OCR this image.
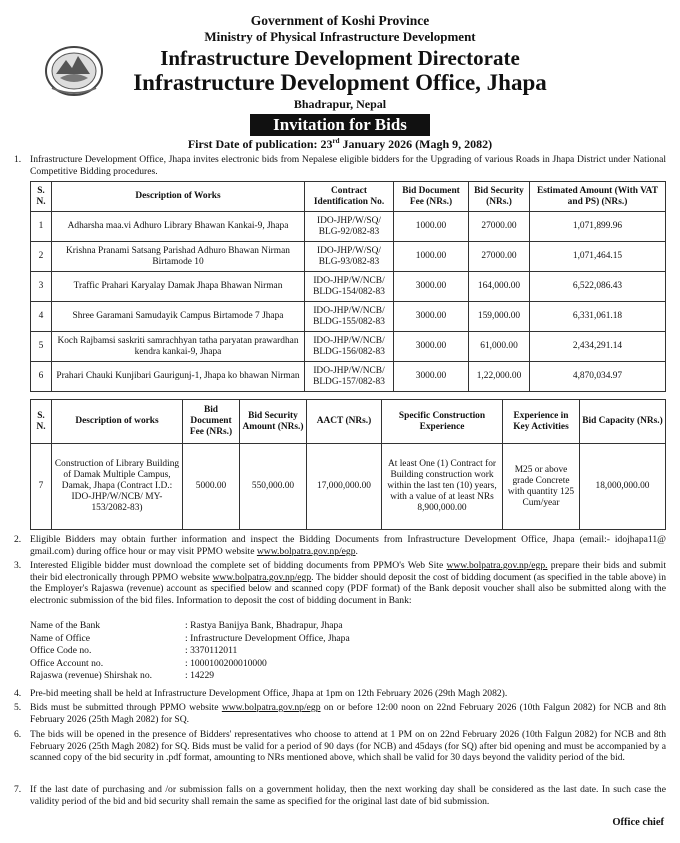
Government of Koshi Province
Ministry of Physical Infrastructure Development
Infrastructure Development Directorate
Infrastructure Development Office, Jhapa
Bhadrapur, Nepal
Invitation for Bids
First Date of publication: 23rd January 2026 (Magh 9, 2082)
1. Infrastructure Development Office, Jhapa invites electronic bids from Nepalese eligible bidders for the Upgrading of various Roads in Jhapa District under National Competitive Bidding procedures.
S. N.	Description of Works	Contract Identification No.	Bid Document Fee (NRs.)	Bid Security (NRs.)	Estimated Amount (With VAT and PS) (NRs.)
1	Adharsha maa.vi Adhuro Library Bhawan Kankai-9, Jhapa	IDO-JHP/W/SQ/ BLG-92/082-83	1000.00	27000.00	1,071,899.96
2	Krishna Pranami Satsang Parishad Adhuro Bhawan Nirman Birtamode 10	IDO-JHP/W/SQ/ BLG-93/082-83	1000.00	27000.00	1,071,464.15
3	Traffic Prahari Karyalay Damak Jhapa Bhawan Nirman	IDO-JHP/W/NCB/ BLDG-154/082-83	3000.00	164,000.00	6,522,086.43
4	Shree Garamani Samudayik Campus Birtamode 7 Jhapa	IDO-JHP/W/NCB/ BLDG-155/082-83	3000.00	159,000.00	6,331,061.18
5	Koch Rajbamsi saskriti samrachhyan tatha paryatan prawardhan kendra kankai-9, Jhapa	IDO-JHP/W/NCB/ BLDG-156/082-83	3000.00	61,000.00	2,434,291.14
6	Prahari Chauki Kunjibari Gaurigunj-1, Jhapa ko bhawan Nirman	IDO-JHP/W/NCB/ BLDG-157/082-83	3000.00	1,22,000.00	4,870,034.97
S. N.	Description of works	Bid Document Fee (NRs.)	Bid Security Amount (NRs.)	AACT (NRs.)	Specific Construction Experience	Experience in Key Activities	Bid Capacity (NRs.)
7	Construction of Library Building of Damak Multiple Campus, Damak, Jhapa (Contract I.D.: IDO-JHP/W/NCB/ MY-153/2082-83)	5000.00	550,000.00	17,000,000.00	At least One (1) Contract for Building construction work within the last ten (10) years, with a value of at least NRs 8,900,000.00	M25 or above grade Concrete with quantity 125 Cum/year	18,000,000.00
2. Eligible Bidders may obtain further information and inspect the Bidding Documents from Infrastructure Development Office, Jhapa (email:- idojhapa11@ gmail.com) during office hour or may visit PPMO website www.bolpatra.gov.np/egp.
3. Interested Eligible bidder must download the complete set of bidding documents from PPMO's Web Site www.bolpatra.gov.np/egp. prepare their bids and submit their bid electronically through PPMO website www.bolpatra.gov.np/egp. The bidder should deposit the cost of bidding document (as specified in the table above) in the Employer's Rajaswa (revenue) account as specified below and scanned copy (PDF format) of the Bank deposit voucher shall also be submitted along with the electronic submission of the bid files. Information to deposit the cost of bidding document in Bank:
Name of the Bank	: Rastya Banijya Bank, Bhadrapur, Jhapa
Name of Office	: Infrastructure Development Office, Jhapa
Office Code no.	: 3370112011
Office Account no.	: 1000100200010000
Rajaswa (revenue) Shirshak no.	: 14229
4. Pre-bid meeting shall be held at Infrastructure Development Office, Jhapa at 1pm on 12th February 2026 (29th Magh 2082).
5. Bids must be submitted through PPMO website www.bolpatra.gov.np/egp on or before 12:00 noon on 22nd February 2026 (10th Falgun 2082) for NCB and 8th February 2026 (25th Magh 2082) for SQ.
6. The bids will be opened in the presence of Bidders' representatives who choose to attend at 1 PM on on 22nd February 2026 (10th Falgun 2082) for NCB and 8th February 2026 (25th Magh 2082) for SQ. Bids must be valid for a period of 90 days (for NCB) and 45days (for SQ) after bid opening and must be accompanied by a scanned copy of the bid security in .pdf format, amounting to NRs mentioned above, which shall be valid for 30 days beyond the validity period of the bid.
7. If the last date of purchasing and /or submission falls on a government holiday, then the next working day shall be considered as the last date. In such case the validity period of the bid and bid security shall remain the same as specified for the original last date of bid submission.
Office chief
